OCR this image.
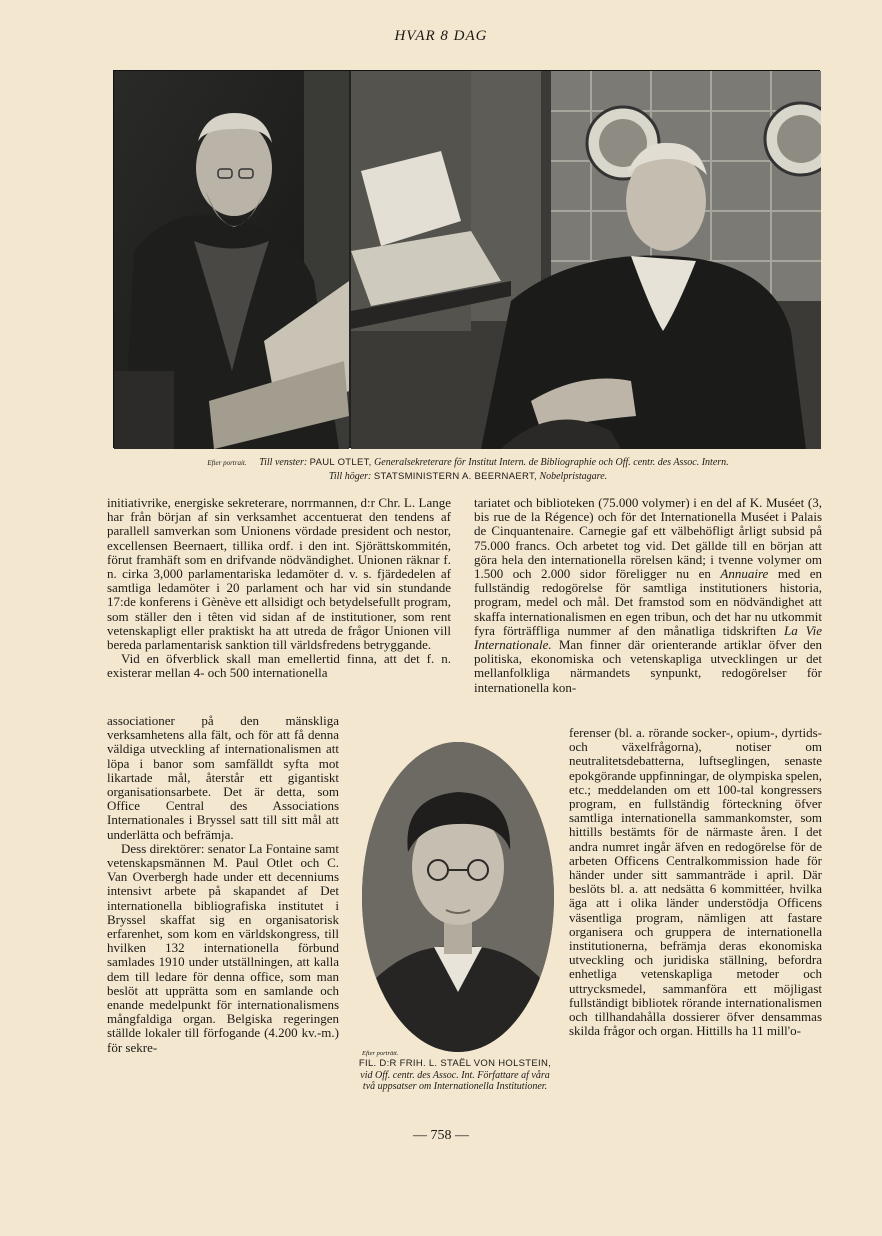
HVAR 8 DAG
Efter portrait. Till venster: PAUL OTLET, Generalsekreterare för Institut Intern. de Bibliographie och Off. centr. des Assoc. Intern.
Till höger: STATSMINISTERN A. BEERNAERT, Nobelpristagare.

initiativrike, energiske sekreterare, norrmannen, d:r Chr. L. Lange har från början af sin verksamhet accentuerat den tendens af parallell samverkan som Unionens vördade president och nestor, excellensen Beernaert, tillika ordf. i den int. Sjörättskommitén, förut framhäft som en drifvande nödvändighet. Unionen räknar f. n. cirka 3,000 parlamentariska ledamöter d. v. s. fjärdedelen af samtliga ledamöter i 20 parlament och har vid sin stundande 17:de konferens i Gènève ett allsidigt och betydelsefullt program, som ställer den i têten vid sidan af de institutioner, som rent vetenskapligt eller praktiskt ha att utreda de frågor Unionen vill bereda parlamentarisk sanktion till världsfredens betryggande.

Vid en öfverblick skall man emellertid finna, att det f. n. existerar mellan 4- och 500 internationella

associationer på den mänskliga verksamhetens alla fält, och för att få denna väldiga utveckling af internationalismen att löpa i banor som samfälldt syfta mot likartade mål, återstår ett gigantiskt organisationsarbete. Det är detta, som Office Central des Associations Internationales i Bryssel satt till sitt mål att underlätta och befrämja.

Dess direktörer: senator La Fontaine samt vetenskapsmännen M. Paul Otlet och C. Van Overbergh hade under ett decenniums intensivt arbete på skapandet af Det internationella bibliografiska institutet i Bryssel skaffat sig en organisatorisk erfarenhet, som kom en världskongress, till hvilken 132 internationella förbund samlades 1910 under utställningen, att kalla dem till ledare för denna office, som man beslöt att upprätta som en samlande och enande medelpunkt för internationalismens mångfaldiga organ. Belgiska regeringen ställde lokaler till förfogande (4.200 kv.-m.) för sekre-

tariatet och biblioteken (75.000 volymer) i en del af K. Muséet (3, bis rue de la Régence) och för det Internationella Muséet i Palais de Cinquantenaire. Carnegie gaf ett välbehöfligt årligt subsid på 75.000 francs. Och arbetet tog vid. Det gällde till en början att göra hela den internationella rörelsen känd; i tvenne volymer om 1.500 och 2.000 sidor föreligger nu en Annuaire med en fullständig redogörelse för samtliga institutioners historia, program, medel och mål. Det framstod som en nödvändighet att skaffa internationalismen en egen tribun, och det har nu utkommit fyra förträffliga nummer af den månatliga tidskriften La Vie Internationale. Man finner där orienterande artiklar öfver den politiska, ekonomiska och vetenskapliga utvecklingen ur det mellanfolkliga närmandets synpunkt, redogörelser för internationella kon-

ferenser (bl. a. rörande socker-, opium-, dyrtids- och växelfrågorna), notiser om neutralitetsdebatterna, luftseglingen, senaste epokgörande uppfinningar, de olympiska spelen, etc.; meddelanden om ett 100-tal kongressers program, en fullständig förteckning öfver samtliga internationella sammankomster, som hittills bestämts för de närmaste åren. I det andra numret ingår äfven en redogörelse för de arbeten Officens Centralkommission hade för händer under sitt sammanträde i april. Där beslöts bl. a. att nedsätta 6 kommittéer, hvilka äga att i olika länder understödja Officens väsentliga program, nämligen att fastare organisera och gruppera de internationella institutionerna, befrämja deras ekonomiska utveckling och juridiska ställning, befordra enhetliga vetenskapliga metoder och uttrycksmedel, sammanföra ett möjligast fullständigt bibliotek rörande internationalismen och tillhandahålla dossierer öfver densammas skilda frågor och organ. Hittills ha 11 mill'o-

Efter porträtt.
FIL. D:R FRIH. L. STAËL VON HOLSTEIN, vid Off. centr. des Assoc. Int. Författare af våra två uppsatser om Internationella Institutioner.
— 758 —
